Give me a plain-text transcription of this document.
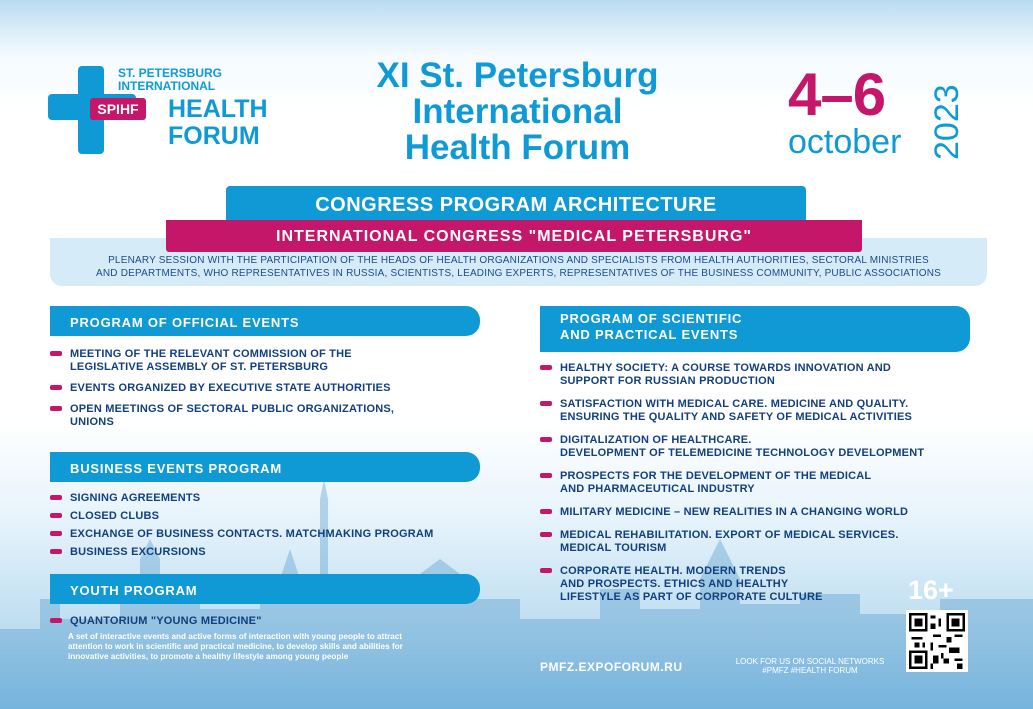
ST. PETERSBURG
INTERNATIONAL
SPIHF HEALTH
FORUM
XI St. Petersburg
International
Health Forum
4–6
october 2023
PLENARY SESSION WITH THE PARTICIPATION OF THE HEADS OF HEALTH ORGANIZATIONS AND SPECIALISTS FROM HEALTH AUTHORITIES, SECTORAL MINISTRIES
AND DEPARTMENTS, WHO REPRESENTATIVES IN RUSSIA, SCIENTISTS, LEADING EXPERTS, REPRESENTATIVES OF THE BUSINESS COMMUNITY, PUBLIC ASSOCIATIONS
CONGRESS PROGRAM ARCHITECTURE
INTERNATIONAL CONGRESS "MEDICAL PETERSBURG"
PROGRAM OF OFFICIAL EVENTS
MEETING OF THE RELEVANT COMMISSION OF THE
LEGISLATIVE ASSEMBLY OF ST. PETERSBURG
EVENTS ORGANIZED BY EXECUTIVE STATE AUTHORITIES
OPEN MEETINGS OF SECTORAL PUBLIC ORGANIZATIONS,
UNIONS
BUSINESS EVENTS PROGRAM
SIGNING AGREEMENTS
CLOSED CLUBS
EXCHANGE OF BUSINESS CONTACTS. MATCHMAKING PROGRAM
BUSINESS EXCURSIONS
YOUTH PROGRAM
QUANTORIUM "YOUNG MEDICINE"
A set of interactive events and active forms of interaction with young people to attract
attention to work in scientific and practical medicine, to develop skills and abilities for
innovative activities, to promote a healthy lifestyle among young people
PROGRAM OF SCIENTIFIC
AND PRACTICAL EVENTS
HEALTHY SOCIETY: A COURSE TOWARDS INNOVATION AND
SUPPORT FOR RUSSIAN PRODUCTION
SATISFACTION WITH MEDICAL CARE. MEDICINE AND QUALITY.
ENSURING THE QUALITY AND SAFETY OF MEDICAL ACTIVITIES
DIGITALIZATION OF HEALTHCARE.
DEVELOPMENT OF TELEMEDICINE TECHNOLOGY DEVELOPMENT
PROSPECTS FOR THE DEVELOPMENT OF THE MEDICAL
AND PHARMACEUTICAL INDUSTRY
MILITARY MEDICINE – NEW REALITIES IN A CHANGING WORLD
MEDICAL REHABILITATION. EXPORT OF MEDICAL SERVICES.
MEDICAL TOURISM
CORPORATE HEALTH. MODERN TRENDS
AND PROSPECTS. ETHICS AND HEALTHY
LIFESTYLE AS PART OF CORPORATE CULTURE
PMFZ.EXPOFORUM.RU	LOOK FOR US ON SOCIAL NETWORKS
#PMFZ #HEALTH FORUM
16+
